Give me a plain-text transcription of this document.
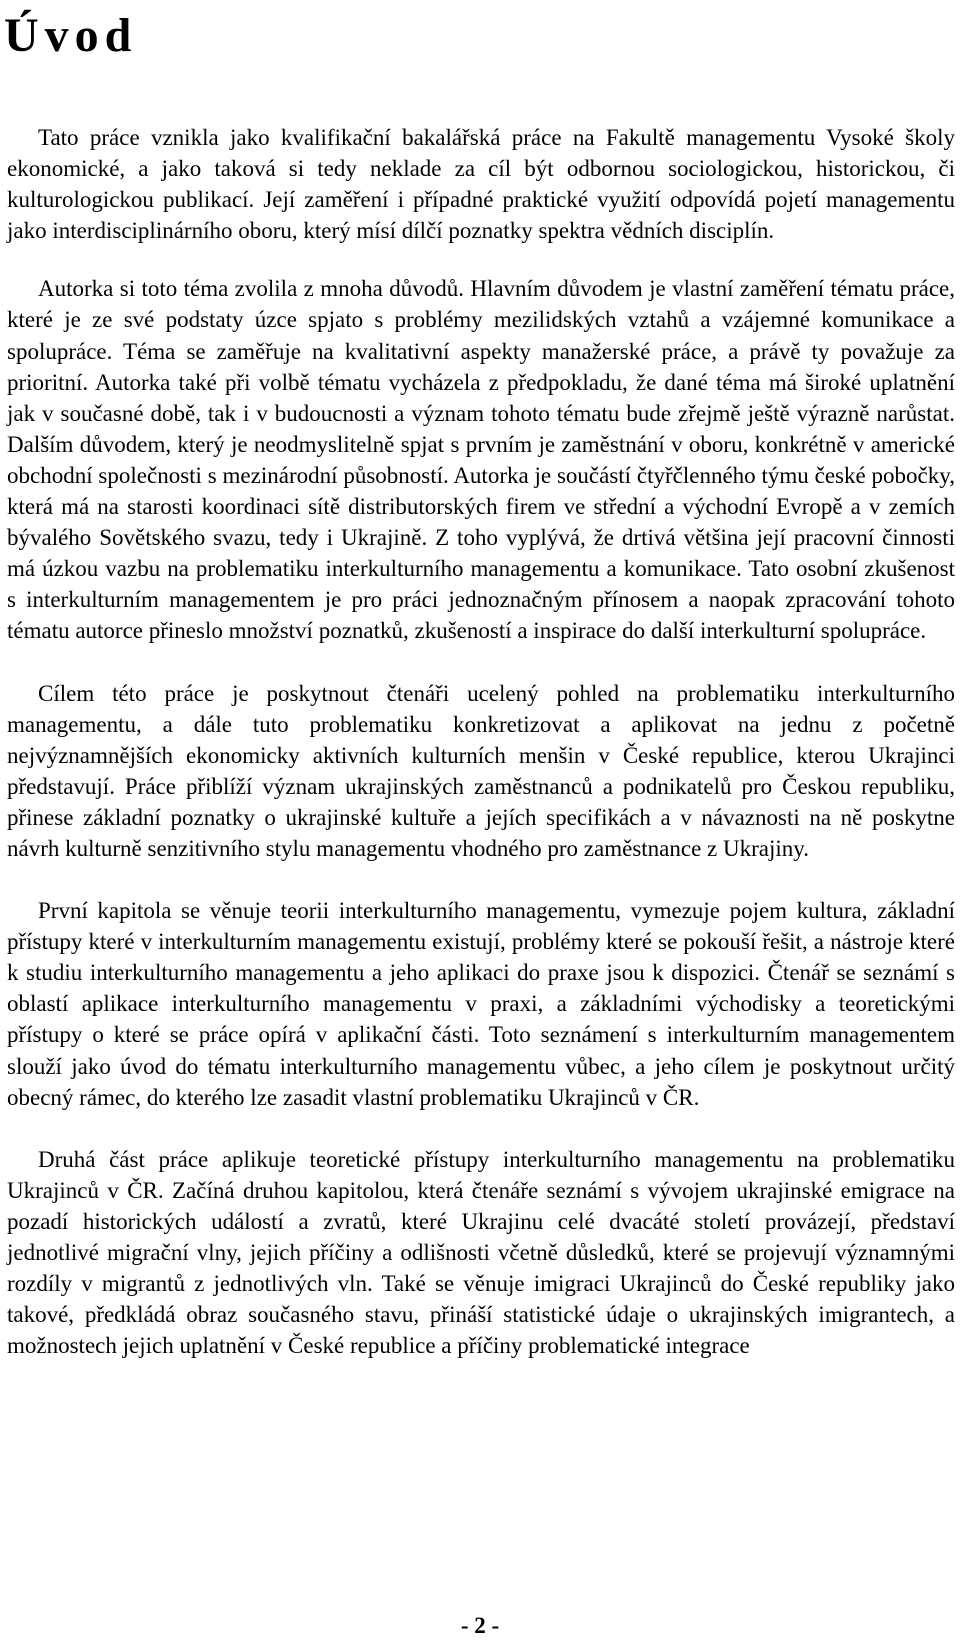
Úvod

Tato práce vznikla jako kvalifikační bakalářská práce na Fakultě managementu Vysoké školy ekonomické, a jako taková si tedy neklade za cíl být odbornou sociologickou, historickou, či kulturologickou publikací. Její zaměření i případné praktické využití odpovídá pojetí managementu jako interdisciplinárního oboru, který mísí dílčí poznatky spektra vědních disciplín.

Autorka si toto téma zvolila z mnoha důvodů. Hlavním důvodem je vlastní zaměření tématu práce, které je ze své podstaty úzce spjato s problémy mezilidských vztahů a vzájemné komunikace a spolupráce. Téma se zaměřuje na kvalitativní aspekty manažerské práce, a právě ty považuje za prioritní. Autorka také při volbě tématu vycházela z předpokladu, že dané téma má široké uplatnění jak v současné době, tak i v budoucnosti a význam tohoto tématu bude zřejmě ještě výrazně narůstat. Dalším důvodem, který je neodmyslitelně spjat s prvním je zaměstnání v oboru, konkrétně v americké obchodní společnosti s mezinárodní působností. Autorka je součástí čtyřčlenného týmu české pobočky, která má na starosti koordinaci sítě distributorských firem ve střední a východní Evropě a v zemích bývalého Sovětského svazu, tedy i Ukrajině. Z toho vyplývá, že drtivá většina její pracovní činnosti má úzkou vazbu na problematiku interkulturního managementu a komunikace. Tato osobní zkušenost s interkulturním managementem je pro práci jednoznačným přínosem a naopak zpracování tohoto tématu autorce přineslo množství poznatků, zkušeností a inspirace do další interkulturní spolupráce.

Cílem této práce je poskytnout čtenáři ucelený pohled na problematiku interkulturního managementu, a dále tuto problematiku konkretizovat a aplikovat na jednu z početně nejvýznamnějších ekonomicky aktivních kulturních menšin v České republice, kterou Ukrajinci představují. Práce přiblíží význam ukrajinských zaměstnanců a podnikatelů pro Českou republiku, přinese základní poznatky o ukrajinské kultuře a jejích specifikách a v návaznosti na ně poskytne návrh kulturně senzitivního stylu managementu vhodného pro zaměstnance z Ukrajiny.

První kapitola se věnuje teorii interkulturního managementu, vymezuje pojem kultura, základní přístupy které v interkulturním managementu existují, problémy které se pokouší řešit, a nástroje které k studiu interkulturního managementu a jeho aplikaci do praxe jsou k dispozici. Čtenář se seznámí s oblastí aplikace interkulturního managementu v praxi, a základními východisky a teoretickými přístupy o které se práce opírá v aplikační části. Toto seznámení s interkulturním managementem slouží jako úvod do tématu interkulturního managementu vůbec, a jeho cílem je poskytnout určitý obecný rámec, do kterého lze zasadit vlastní problematiku Ukrajinců v ČR.

Druhá část práce aplikuje teoretické přístupy interkulturního managementu na problematiku Ukrajinců v ČR. Začíná druhou kapitolou, která čtenáře seznámí s vývojem ukrajinské emigrace na pozadí historických událostí a zvratů, které Ukrajinu celé dvacáté století provázejí, představí jednotlivé migrační vlny, jejich příčiny a odlišnosti včetně důsledků, které se projevují významnými rozdíly v migrantů z jednotlivých vln. Také se věnuje imigraci Ukrajinců do České republiky jako takové, předkládá obraz současného stavu, přináší statistické údaje o ukrajinských imigrantech, a možnostech jejich uplatnění v České republice a příčiny problematické integrace

- 2 -
